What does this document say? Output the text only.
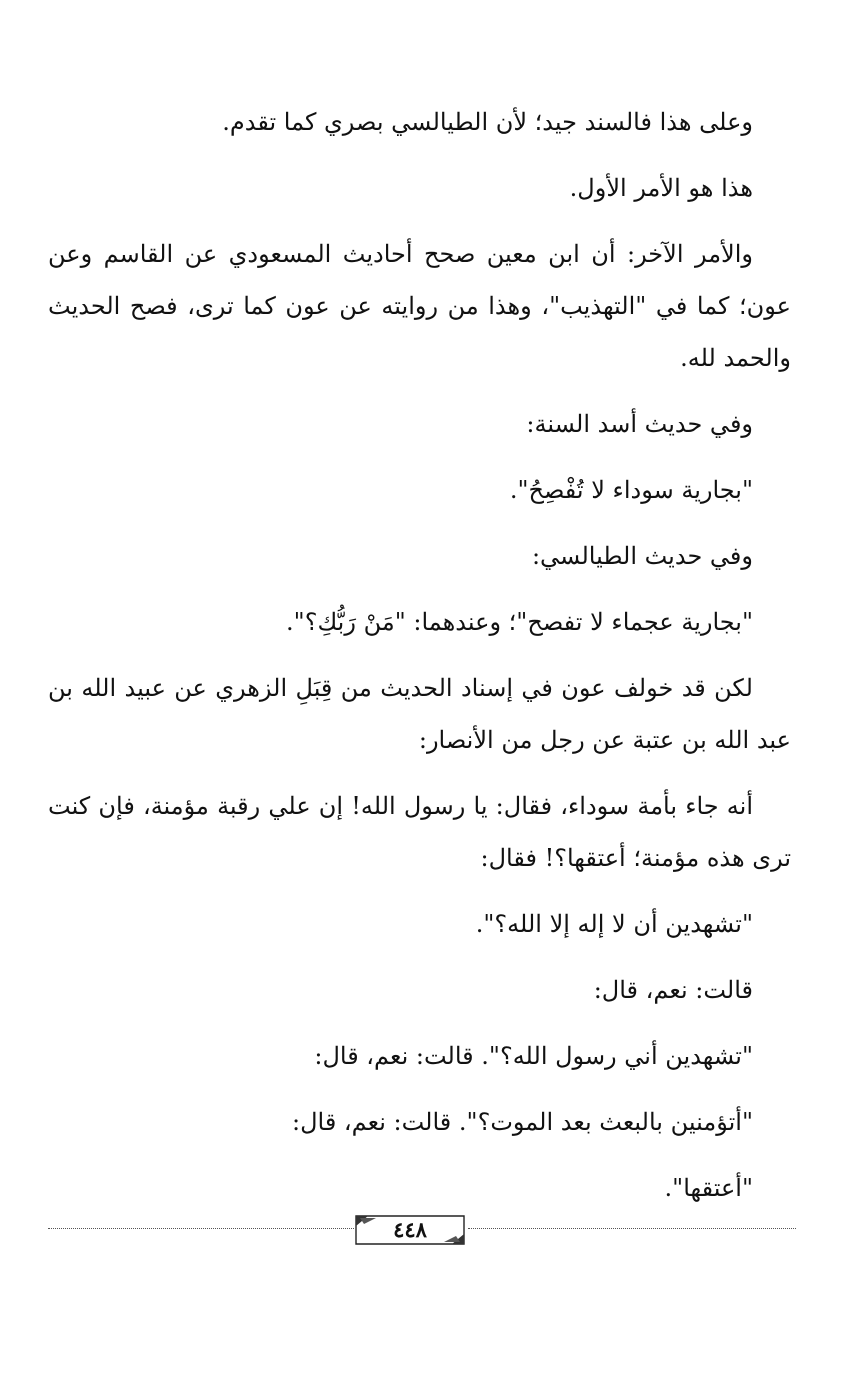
وعلى هذا فالسند جيد؛ لأن الطيالسي بصري كما تقدم.

هذا هو الأمر الأول.

والأمر الآخر: أن ابن معين صحح أحاديث المسعودي عن القاسم وعن عون؛ كما في "التهذيب"، وهذا من روايته عن عون كما ترى، فصح الحديث والحمد لله.

وفي حديث أسد السنة:

"بجارية سوداء لا تُفْصِحُ".

وفي حديث الطيالسي:

"بجارية عجماء لا تفصح"؛ وعندهما: "مَنْ رَبُّكِ؟".

لكن قد خولف عون في إسناد الحديث من قِبَلِ الزهري عن عبيد الله بن عبد الله بن عتبة عن رجل من الأنصار:

أنه جاء بأمة سوداء، فقال: يا رسول الله! إن علي رقبة مؤمنة، فإن كنت ترى هذه مؤمنة؛ أعتقها؟! فقال:

"تشهدين أن لا إله إلا الله؟".

قالت: نعم، قال:

"تشهدين أني رسول الله؟". قالت: نعم، قال:

"أتؤمنين بالبعث بعد الموت؟". قالت: نعم، قال:

"أعتقها".

٤٤٨
